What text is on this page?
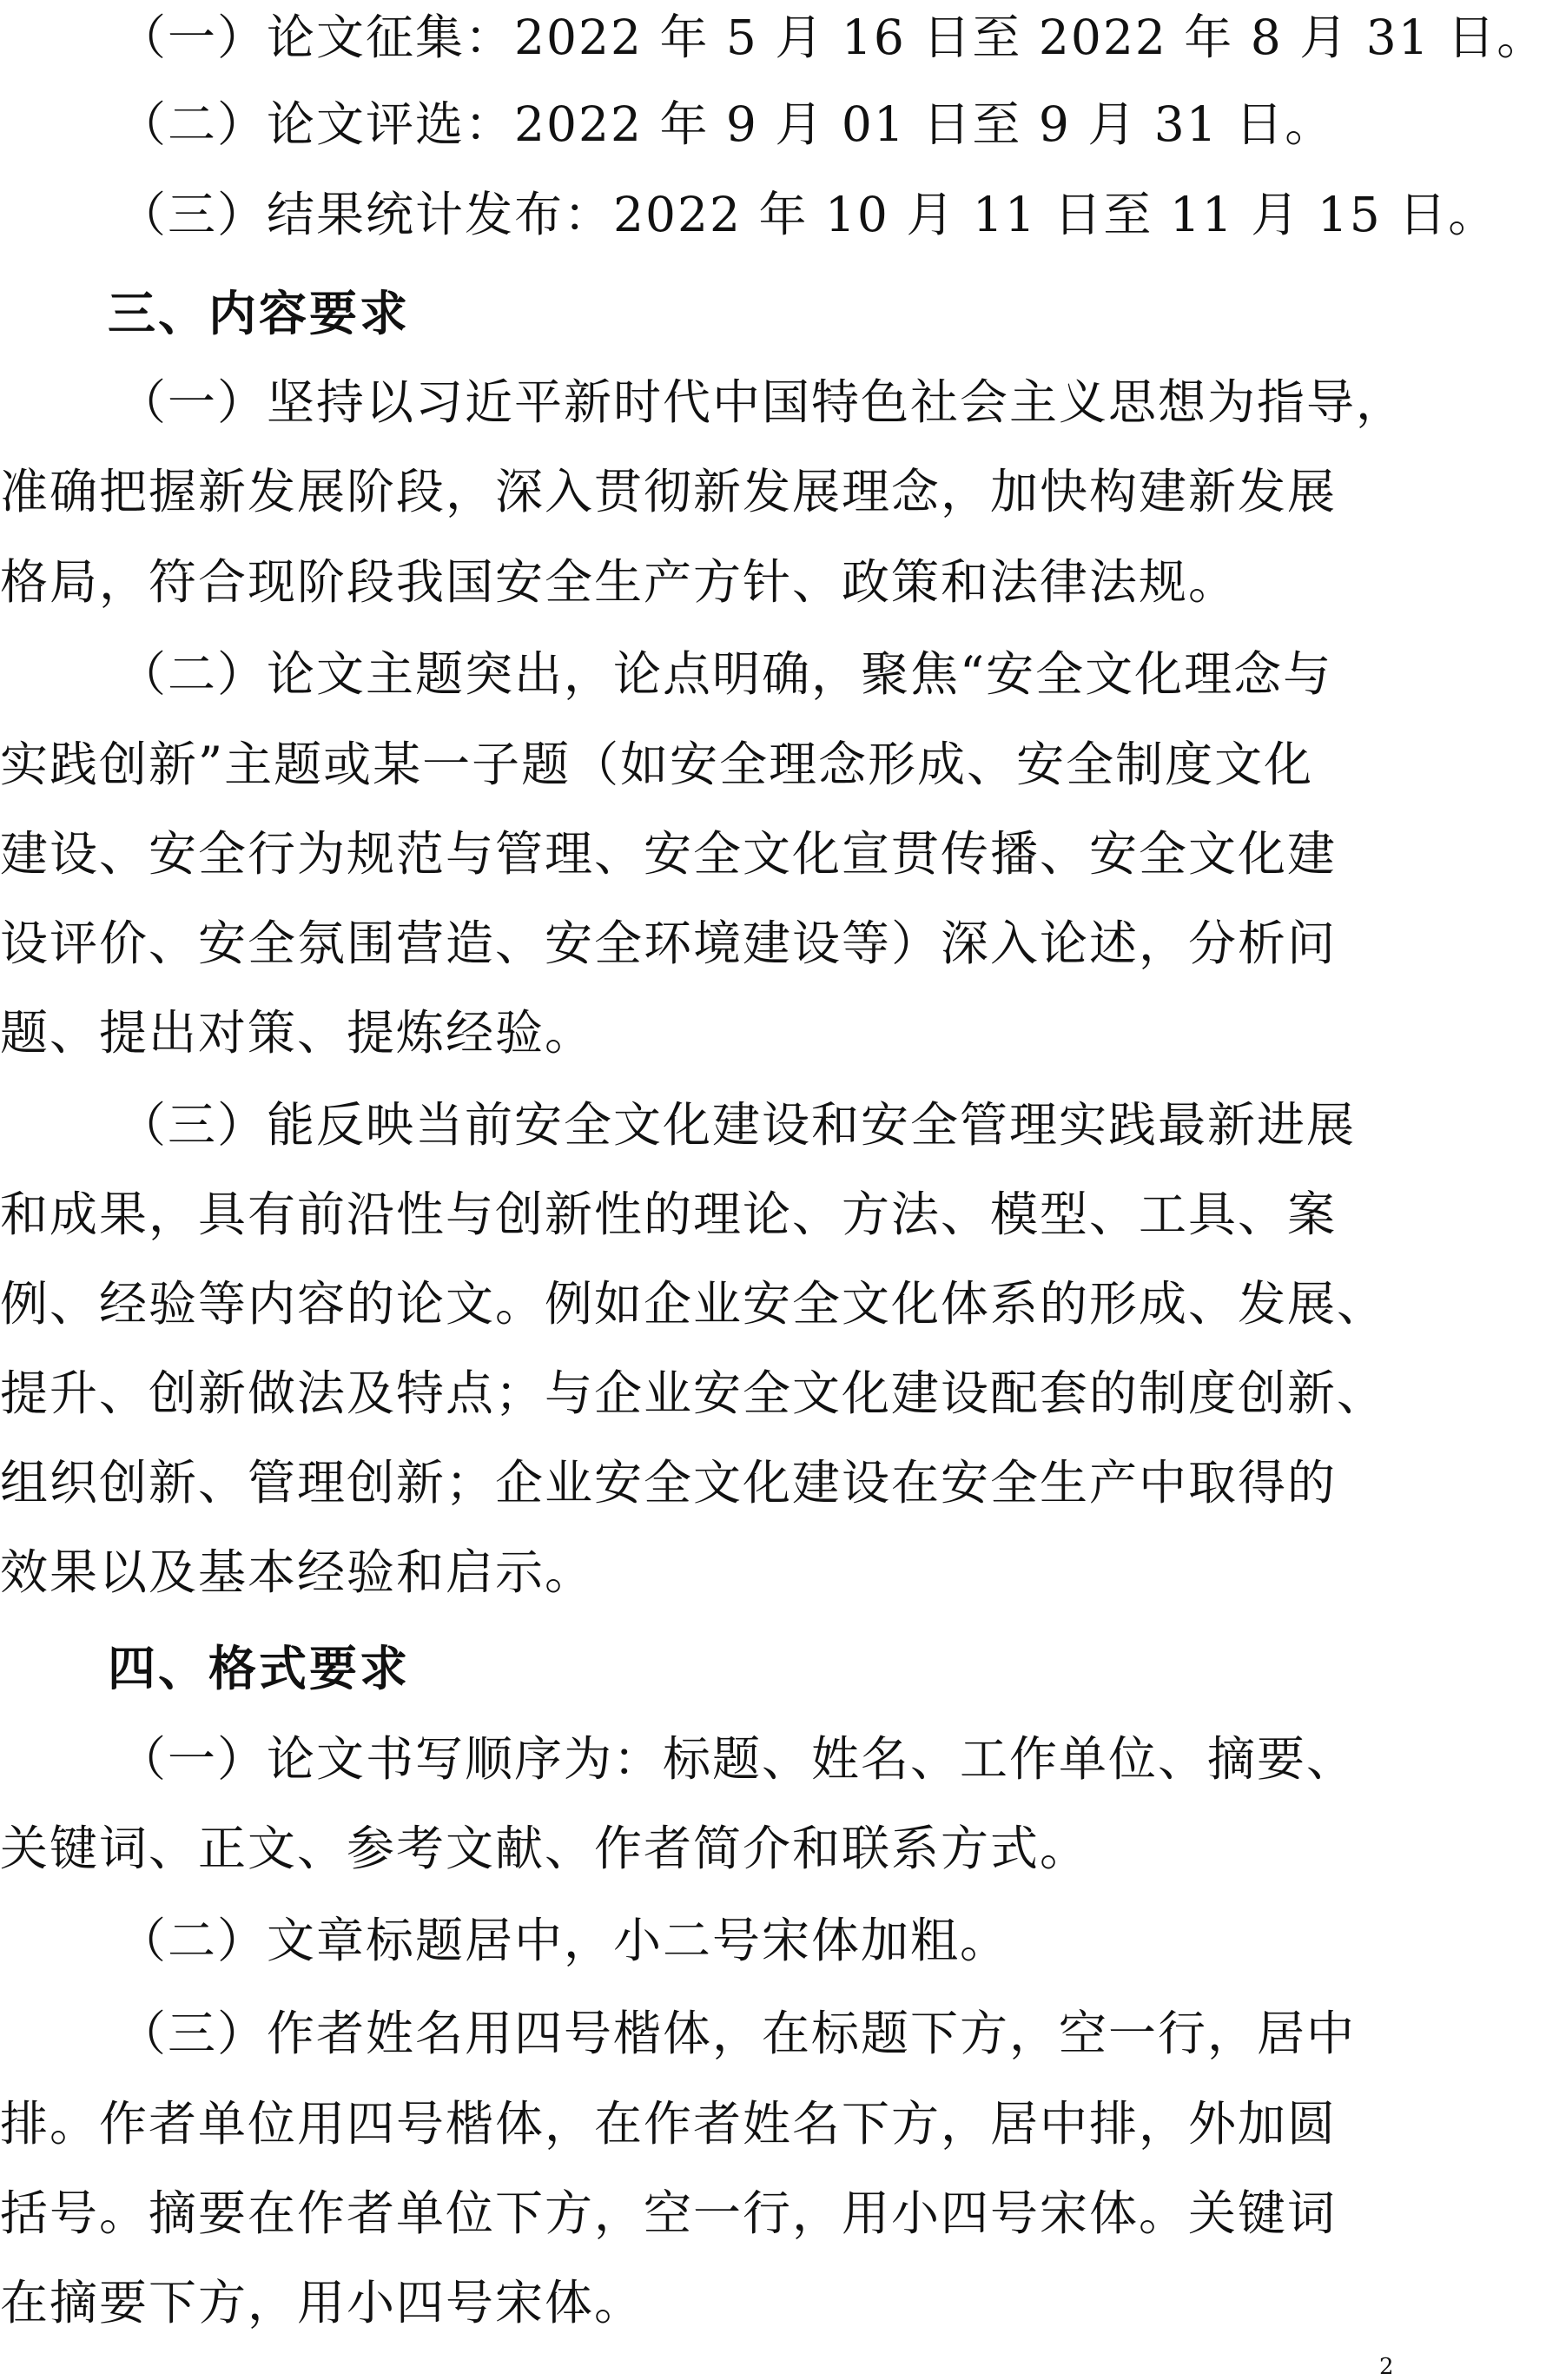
（一）论文征集：2022 年 5 月 16 日至 2022 年 8 月 31 日。
（二）论文评选：2022 年 9 月 01 日至 9 月 31 日。
（三）结果统计发布：2022 年 10 月 11 日至 11 月 15 日。
三、内容要求
（一）坚持以习近平新时代中国特色社会主义思想为指导，
准确把握新发展阶段，深入贯彻新发展理念，加快构建新发展
格局，符合现阶段我国安全生产方针、政策和法律法规。
（二）论文主题突出，论点明确，聚焦“安全文化理念与
实践创新”主题或某一子题（如安全理念形成、安全制度文化
建设、安全行为规范与管理、安全文化宣贯传播、安全文化建
设评价、安全氛围营造、安全环境建设等）深入论述，分析问
题、提出对策、提炼经验。
（三）能反映当前安全文化建设和安全管理实践最新进展
和成果，具有前沿性与创新性的理论、方法、模型、工具、案
例、经验等内容的论文。例如企业安全文化体系的形成、发展、
提升、创新做法及特点；与企业安全文化建设配套的制度创新、
组织创新、管理创新；企业安全文化建设在安全生产中取得的
效果以及基本经验和启示。
四、格式要求
（一）论文书写顺序为：标题、姓名、工作单位、摘要、
关键词、正文、参考文献、作者简介和联系方式。
（二）文章标题居中，小二号宋体加粗。
（三）作者姓名用四号楷体，在标题下方，空一行，居中
排。作者单位用四号楷体，在作者姓名下方，居中排，外加圆
括号。摘要在作者单位下方，空一行，用小四号宋体。关键词
在摘要下方，用小四号宋体。
2
